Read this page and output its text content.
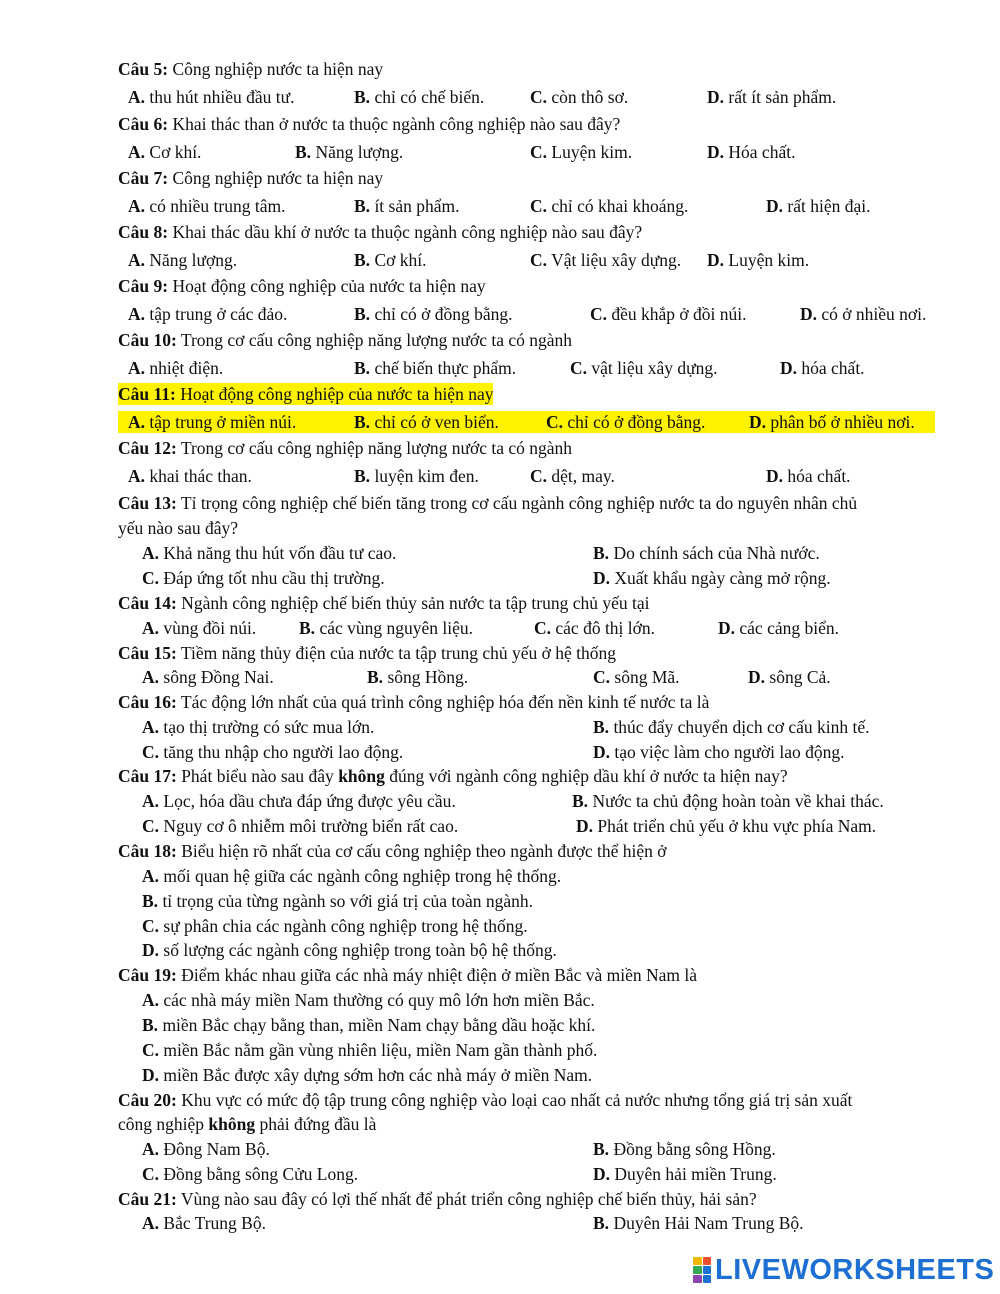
Câu 5: Công nghiệp nước ta hiện nay
A. thu hút nhiều đầu tư.	B. chỉ có chế biến.	C. còn thô sơ.	D. rất ít sản phẩm.
Câu 6: Khai thác than ở nước ta thuộc ngành công nghiệp nào sau đây?
A. Cơ khí.	B. Năng lượng.	C. Luyện kim.	D. Hóa chất.
Câu 7: Công nghiệp nước ta hiện nay
A. có nhiều trung tâm.	B. ít sản phẩm.	C. chỉ có khai khoáng.	D. rất hiện đại.
Câu 8: Khai thác dầu khí ở nước ta thuộc ngành công nghiệp nào sau đây?
A. Năng lượng.	B. Cơ khí.	C. Vật liệu xây dựng. D. Luyện kim.
Câu 9: Hoạt động công nghiệp của nước ta hiện nay
A. tập trung ở các đảo.	B. chỉ có ở đồng bằng.	C. đều khắp ở đồi núi.	D. có ở nhiều nơi.
Câu 10: Trong cơ cấu công nghiệp năng lượng nước ta có ngành
A. nhiệt điện.	B. chế biến thực phẩm.	C. vật liệu xây dựng.	D. hóa chất.
Câu 11: Hoạt động công nghiệp của nước ta hiện nay
A. tập trung ở miền núi.	B. chỉ có ở ven biển.	C. chỉ có ở đồng bằng. D. phân bố ở nhiều nơi.
Câu 12: Trong cơ cấu công nghiệp năng lượng nước ta có ngành
A. khai thác than.	B. luyện kim đen.	C. dệt, may.	D. hóa chất.
Câu 13: Tỉ trọng công nghiệp chế biến tăng trong cơ cấu ngành công nghiệp nước ta do nguyên nhân chủ
yếu nào sau đây?
A. Khả năng thu hút vốn đầu tư cao.	B. Do chính sách của Nhà nước.
C. Đáp ứng tốt nhu cầu thị trường.	D. Xuất khẩu ngày càng mở rộng.
Câu 14: Ngành công nghiệp chế biến thủy sản nước ta tập trung chủ yếu tại
A. vùng đồi núi. B. các vùng nguyên liệu.	C. các đô thị lớn.	D. các cảng biển.
Câu 15: Tiềm năng thủy điện của nước ta tập trung chủ yếu ở hệ thống
A. sông Đồng Nai.	B. sông Hồng.	C. sông Mã.	D. sông Cả.
Câu 16: Tác động lớn nhất của quá trình công nghiệp hóa đến nền kinh tế nước ta là
A. tạo thị trường có sức mua lớn.	B. thúc đẩy chuyển dịch cơ cấu kinh tế.
C. tăng thu nhập cho người lao động.	D. tạo việc làm cho người lao động.
Câu 17: Phát biểu nào sau đây không đúng với ngành công nghiệp dầu khí ở nước ta hiện nay?
A. Lọc, hóa dầu chưa đáp ứng được yêu cầu.	B. Nước ta chủ động hoàn toàn về khai thác.
C. Nguy cơ ô nhiễm môi trường biển rất cao.	D. Phát triển chủ yếu ở khu vực phía Nam.
Câu 18: Biểu hiện rõ nhất của cơ cấu công nghiệp theo ngành được thể hiện ở
A. mối quan hệ giữa các ngành công nghiệp trong hệ thống.
B. tỉ trọng của từng ngành so với giá trị của toàn ngành.
C. sự phân chia các ngành công nghiệp trong hệ thống.
D. số lượng các ngành công nghiệp trong toàn bộ hệ thống.
Câu 19: Điểm khác nhau giữa các nhà máy nhiệt điện ở miền Bắc và miền Nam là
A. các nhà máy miền Nam thường có quy mô lớn hơn miền Bắc.
B. miền Bắc chạy bằng than, miền Nam chạy bằng dầu hoặc khí.
C. miền Bắc nằm gần vùng nhiên liệu, miền Nam gần thành phố.
D. miền Bắc được xây dựng sớm hơn các nhà máy ở miền Nam.
Câu 20: Khu vực có mức độ tập trung công nghiệp vào loại cao nhất cả nước nhưng tổng giá trị sản xuất
công nghiệp không phải đứng đầu là
A. Đông Nam Bộ.	B. Đồng bằng sông Hồng.
C. Đồng bằng sông Cửu Long.	D. Duyên hải miền Trung.
Câu 21: Vùng nào sau đây có lợi thế nhất để phát triển công nghiệp chế biến thủy, hải sản?
A. Bắc Trung Bộ.	B. Duyên Hải Nam Trung Bộ.
LIVEWORKSHEETS
